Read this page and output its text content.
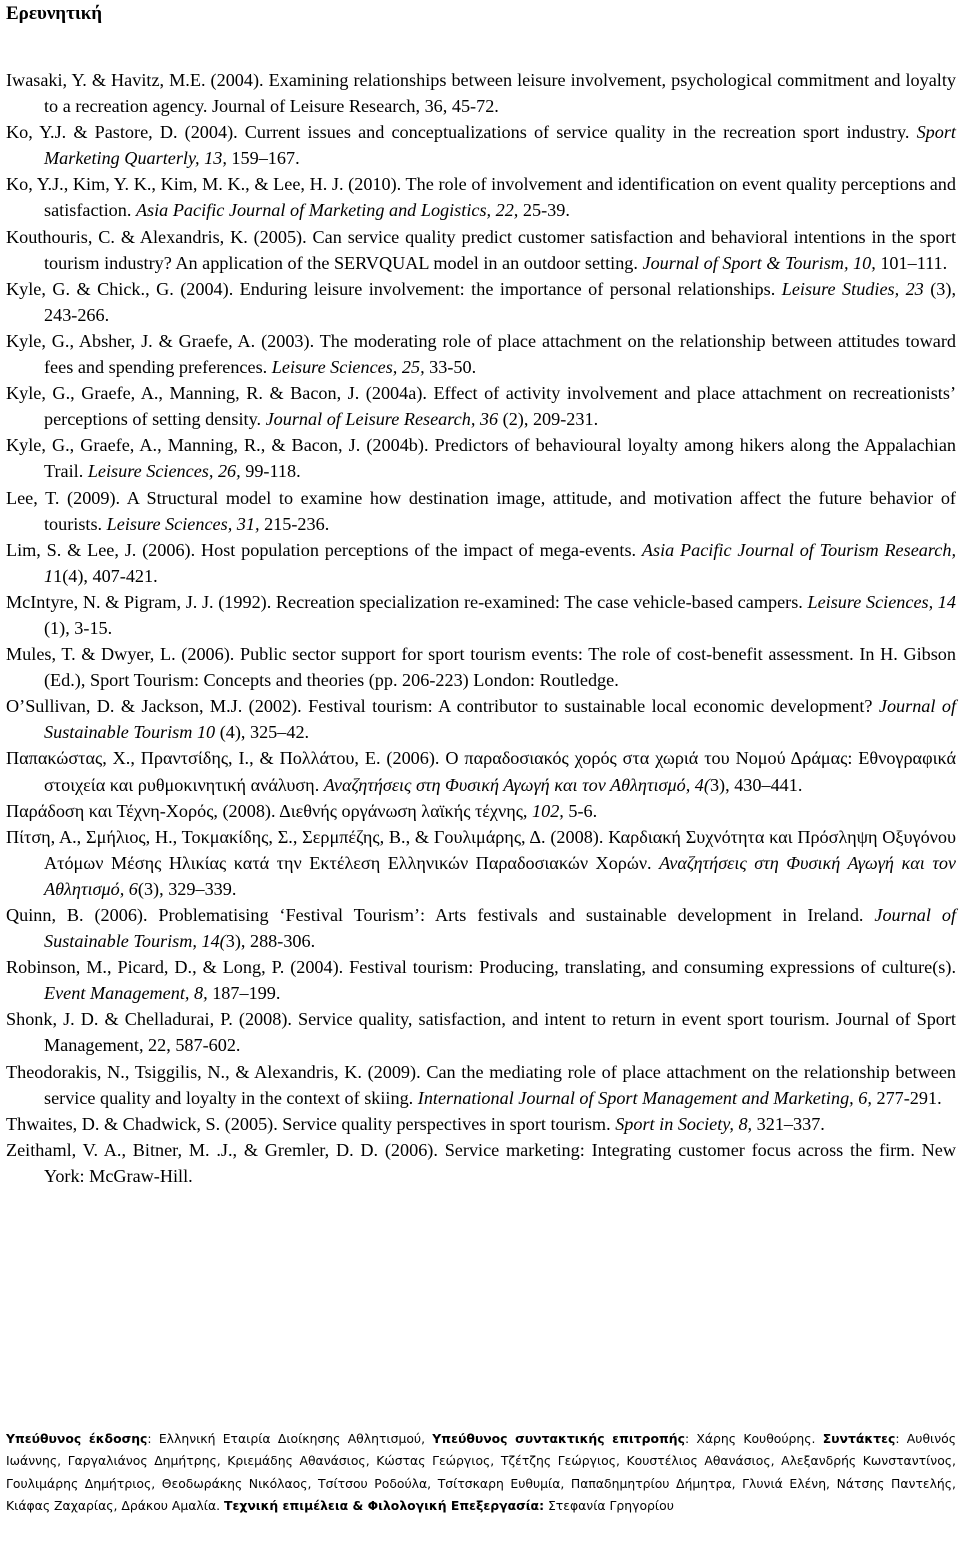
Ερευνητική

Iwasaki, Y. & Havitz, M.E. (2004). Examining relationships between leisure involvement, psychological commitment and loyalty to a recreation agency. Journal of Leisure Research, 36, 45-72.

Ko, Y.J. & Pastore, D. (2004). Current issues and conceptualizations of service quality in the recreation sport industry. Sport Marketing Quarterly, 13, 159‒167.

Ko, Y.J., Kim, Y. K., Kim, M. K., & Lee, H. J. (2010). The role of involvement and identification on event quality perceptions and satisfaction. Asia Pacific Journal of Marketing and Logistics, 22, 25-39.

Kouthouris, C. & Alexandris, K. (2005). Can service quality predict customer satisfaction and behavioral intentions in the sport tourism industry? An application of the SERVQUAL model in an outdoor setting. Journal of Sport & Tourism, 10, 101‒111.

Kyle, G. & Chick., G. (2004). Enduring leisure involvement: the importance of personal relationships. Leisure Studies, 23 (3), 243-266.

Kyle, G., Absher, J. & Graefe, A. (2003). The moderating role of place attachment on the relationship between attitudes toward fees and spending preferences. Leisure Sciences, 25, 33-50.

Kyle, G., Graefe, A., Manning, R. & Bacon, J. (2004a). Effect of activity involvement and place attachment on recreationists’ perceptions of setting density. Journal of Leisure Research, 36 (2), 209-231.

Kyle, G., Graefe, A., Manning, R., & Bacon, J. (2004b). Predictors of behavioural loyalty among hikers along the Appalachian Trail. Leisure Sciences, 26, 99-118.

Lee, T. (2009). A Structural model to examine how destination image, attitude, and motivation affect the future behavior of tourists. Leisure Sciences, 31, 215-236.

Lim, S. & Lee, J. (2006). Host population perceptions of the impact of mega-events. Asia Pacific Journal of Tourism Research, 11(4), 407-421.

McIntyre, N. & Pigram, J. J. (1992). Recreation specialization re-examined: The case vehicle-based campers. Leisure Sciences, 14 (1), 3-15.

Mules, T. & Dwyer, L. (2006). Public sector support for sport tourism events: The role of cost-benefit assessment. In H. Gibson (Ed.), Sport Tourism: Concepts and theories (pp. 206-223) London: Routledge.

O’Sullivan, D. & Jackson, M.J. (2002). Festival tourism: A contributor to sustainable local economic development? Journal of Sustainable Tourism 10 (4), 325‒42.

Παπακώστας, Χ., Πραντσίδης, Ι., & Πολλάτου, Ε. (2006). Ο παραδοσιακός χορός στα χωριά του Νομού Δράμας: Εθνογραφικά στοιχεία και ρυθμοκινητική ανάλυση. Αναζητήσεις στη Φυσική Αγωγή και τον Αθλητισμό, 4(3), 430‒441.

Παράδοση και Τέχνη-Χορός, (2008). Διεθνής οργάνωση λαϊκής τέχνης, 102, 5-6.

Πίτση, Α., Σμήλιος, Η., Τοκμακίδης, Σ., Σερμπέζης, Β., & Γουλιμάρης, Δ. (2008). Καρδιακή Συχνότητα και Πρόσληψη Οξυγόνου Ατόμων Μέσης Ηλικίας κατά την Εκτέλεση Ελληνικών Παραδοσιακών Χορών. Αναζητήσεις στη Φυσική Αγωγή και τον Αθλητισμό, 6(3), 329‒339.

Quinn, B. (2006). Problematising ‘Festival Tourism’: Arts festivals and sustainable development in Ireland. Journal of Sustainable Tourism, 14(3), 288-306.

Robinson, M., Picard, D., & Long, P. (2004). Festival tourism: Producing, translating, and consuming expressions of culture(s). Event Management, 8, 187‒199.

Shonk, J. D. & Chelladurai, P. (2008). Service quality, satisfaction, and intent to return in event sport tourism. Journal of Sport Management, 22, 587-602.

Theodorakis, N., Tsiggilis, N., & Alexandris, K. (2009). Can the mediating role of place attachment on the relationship between service quality and loyalty in the context of skiing. International Journal of Sport Management and Marketing, 6, 277-291.

Thwaites, D. & Chadwick, S. (2005). Service quality perspectives in sport tourism. Sport in Society, 8, 321‒337.

Zeithaml, V. A., Bitner, M. .J., & Gremler, D. D. (2006). Service marketing: Integrating customer focus across the firm. New York: McGraw-Hill.

Υπεύθυνος έκδοσης: Ελληνική Εταιρία Διοίκησης Αθλητισμού, Υπεύθυνος συντακτικής επιτροπής: Χάρης Κουθούρης. Συντάκτες: Αυθινός Ιωάννης, Γαργαλιάνος Δημήτρης, Κριεμάδης Αθανάσιος, Κώστας Γεώργιος, Τζέτζης Γεώργιος, Κουστέλιος Αθανάσιος, Αλεξανδρής Κωνσταντίνος, Γουλιμάρης Δημήτριος, Θεοδωράκης Νικόλαος, Τσίτσου Ροδούλα, Τσίτσκαρη Ευθυμία, Παπαδημητρίου Δήμητρα, Γλυνιά Ελένη, Νάτσης Παντελής, Κιάφας Ζαχαρίας, Δράκου Αμαλία. Τεχνική επιμέλεια & Φιλολογική Επεξεργασία: Στεφανία Γρηγορίου
